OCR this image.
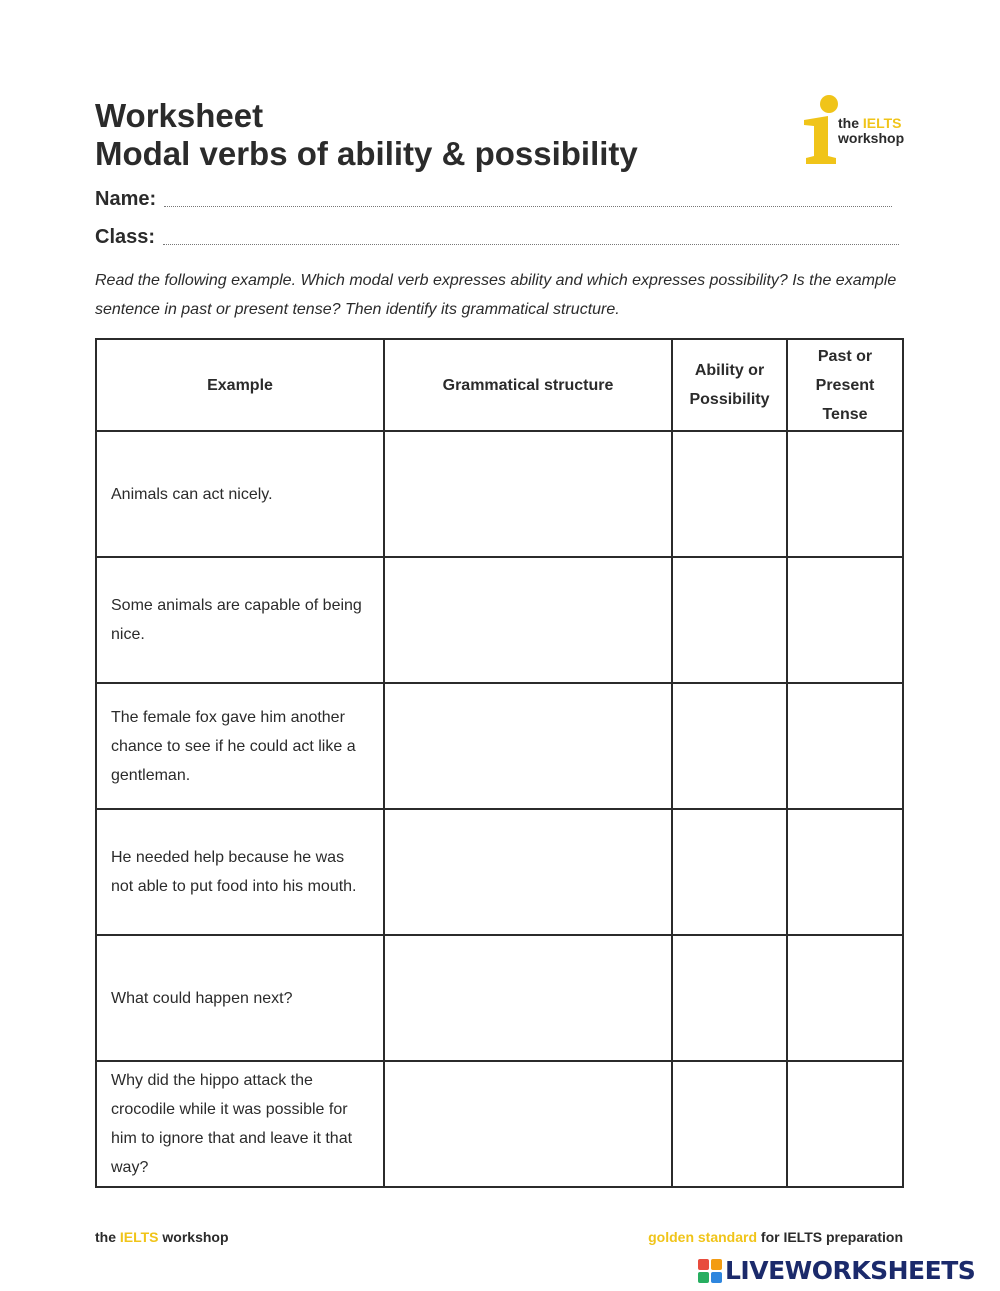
Worksheet
Modal verbs of ability & possibility
the IELTS
workshop
Name:
Class:

Read the following example. Which modal verb expresses ability and which expresses possibility? Is the example sentence in past or present tense? Then identify its grammatical structure.

Example	Grammatical structure	Ability or Possibility	Past or Present Tense
Animals can act nicely.			
Some animals are capable of being nice.			
The female fox gave him another chance to see if he could act like a gentleman.			
He needed help because he was not able to put food into his mouth.			
What could happen next?			
Why did the hippo attack the crocodile while it was possible for him to ignore that and leave it that way?			
the IELTS workshop	golden standard for IELTS preparation
LIVEWORKSHEETS
